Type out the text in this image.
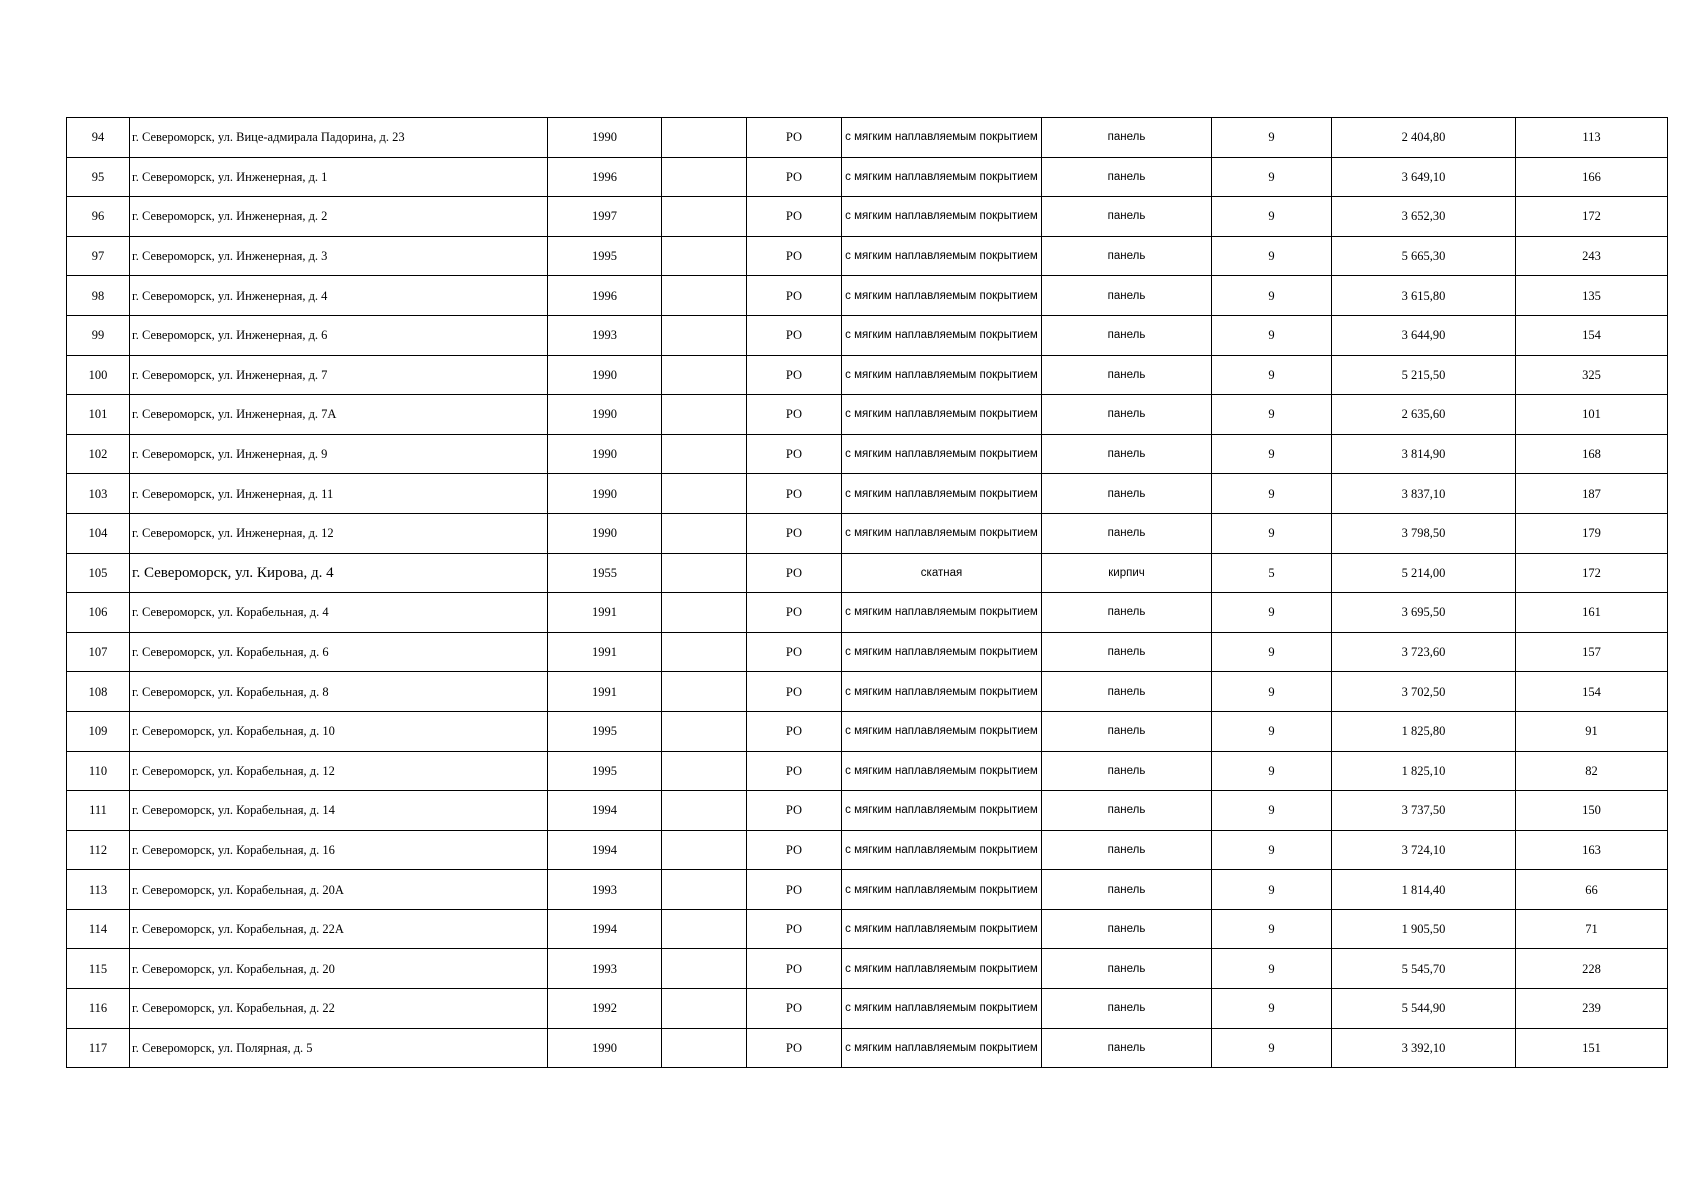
94	г. Североморск, ул. Вице-адмирала Падорина, д. 23	1990		РО	с мягким наплавляемым покрытием	панель	9	2 404,80	113
95	г. Североморск, ул. Инженерная, д. 1	1996		РО	с мягким наплавляемым покрытием	панель	9	3 649,10	166
96	г. Североморск, ул. Инженерная, д. 2	1997		РО	с мягким наплавляемым покрытием	панель	9	3 652,30	172
97	г. Североморск, ул. Инженерная, д. 3	1995		РО	с мягким наплавляемым покрытием	панель	9	5 665,30	243
98	г. Североморск, ул. Инженерная, д. 4	1996		РО	с мягким наплавляемым покрытием	панель	9	3 615,80	135
99	г. Североморск, ул. Инженерная, д. 6	1993		РО	с мягким наплавляемым покрытием	панель	9	3 644,90	154
100	г. Североморск, ул. Инженерная, д. 7	1990		РО	с мягким наплавляемым покрытием	панель	9	5 215,50	325
101	г. Североморск, ул. Инженерная, д. 7А	1990		РО	с мягким наплавляемым покрытием	панель	9	2 635,60	101
102	г. Североморск, ул. Инженерная, д. 9	1990		РО	с мягким наплавляемым покрытием	панель	9	3 814,90	168
103	г. Североморск, ул. Инженерная, д. 11	1990		РО	с мягким наплавляемым покрытием	панель	9	3 837,10	187
104	г. Североморск, ул. Инженерная, д. 12	1990		РО	с мягким наплавляемым покрытием	панель	9	3 798,50	179
105	г. Североморск, ул. Кирова, д. 4	1955		РО	скатная	кирпич	5	5 214,00	172
106	г. Североморск, ул. Корабельная, д. 4	1991		РО	с мягким наплавляемым покрытием	панель	9	3 695,50	161
107	г. Североморск, ул. Корабельная, д. 6	1991		РО	с мягким наплавляемым покрытием	панель	9	3 723,60	157
108	г. Североморск, ул. Корабельная, д. 8	1991		РО	с мягким наплавляемым покрытием	панель	9	3 702,50	154
109	г. Североморск, ул. Корабельная, д. 10	1995		РО	с мягким наплавляемым покрытием	панель	9	1 825,80	91
110	г. Североморск, ул. Корабельная, д. 12	1995		РО	с мягким наплавляемым покрытием	панель	9	1 825,10	82
111	г. Североморск, ул. Корабельная, д. 14	1994		РО	с мягким наплавляемым покрытием	панель	9	3 737,50	150
112	г. Североморск, ул. Корабельная, д. 16	1994		РО	с мягким наплавляемым покрытием	панель	9	3 724,10	163
113	г. Североморск, ул. Корабельная, д. 20А	1993		РО	с мягким наплавляемым покрытием	панель	9	1 814,40	66
114	г. Североморск, ул. Корабельная, д. 22А	1994		РО	с мягким наплавляемым покрытием	панель	9	1 905,50	71
115	г. Североморск, ул. Корабельная, д. 20	1993		РО	с мягким наплавляемым покрытием	панель	9	5 545,70	228
116	г. Североморск, ул. Корабельная, д. 22	1992		РО	с мягким наплавляемым покрытием	панель	9	5 544,90	239
117	г. Североморск, ул. Полярная, д. 5	1990		РО	с мягким наплавляемым покрытием	панель	9	3 392,10	151
